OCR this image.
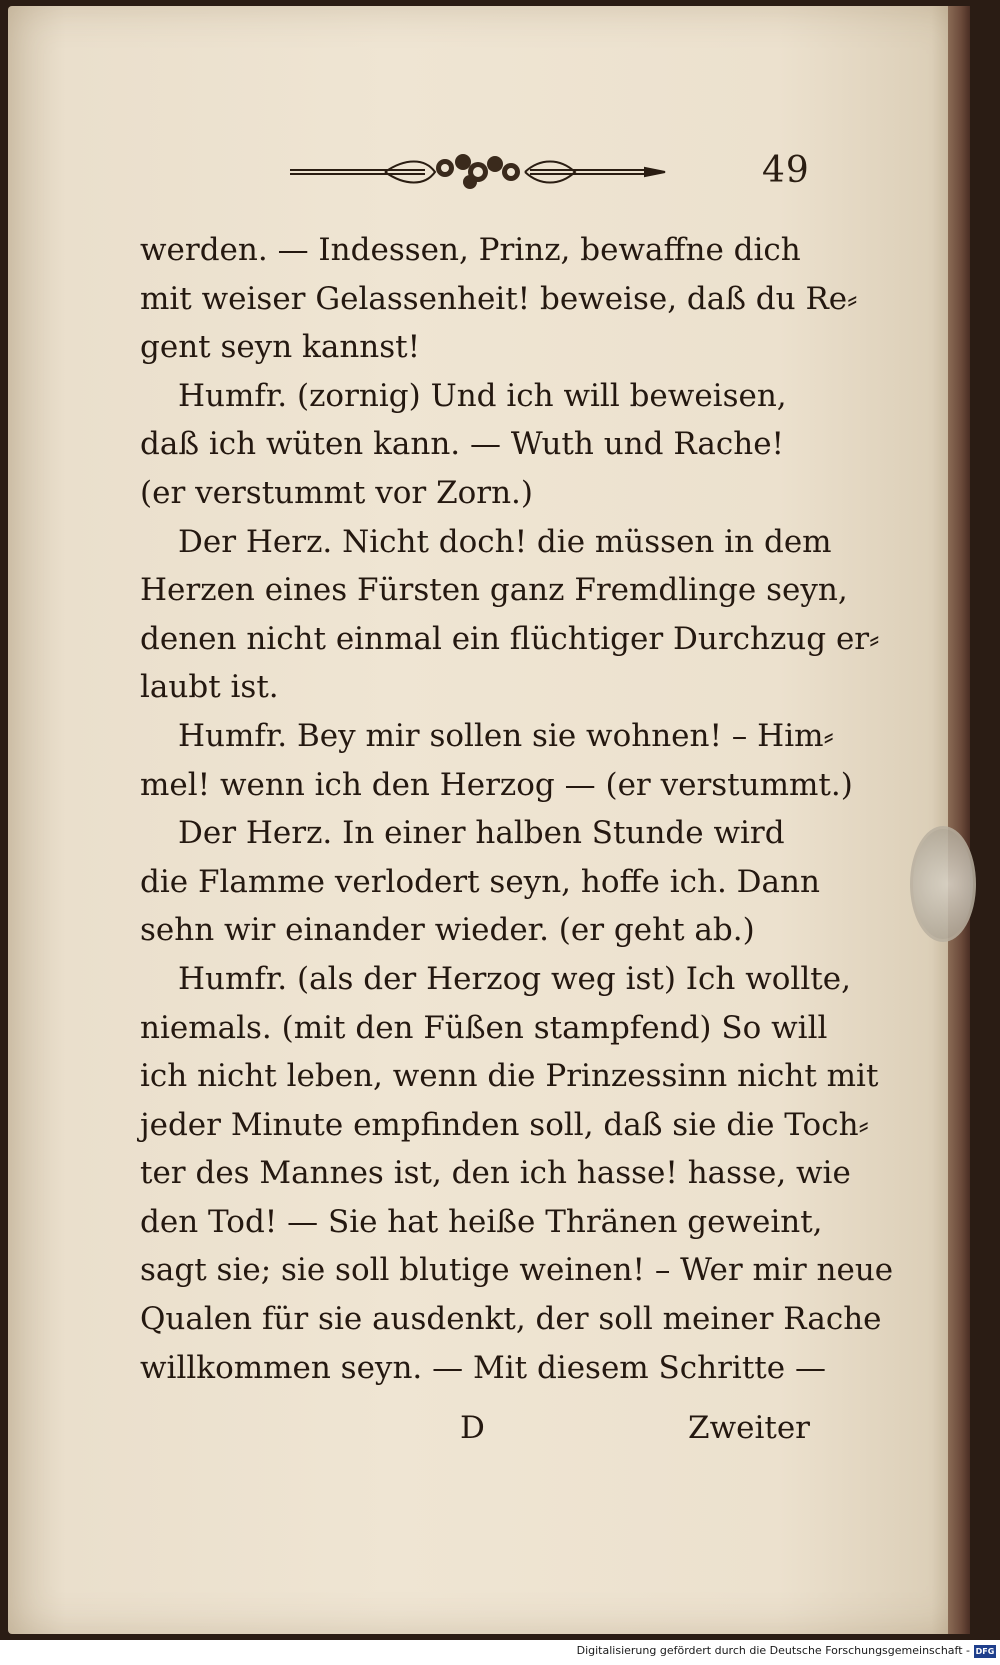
49
werden. — Indessen, Prinz, bewaffne dich
mit weiser Gelassenheit! beweise, daß du Re⸗
gent seyn kannst!
Humfr. (zornig) Und ich will beweisen,
daß ich wüten kann. — Wuth und Rache!
(er verstummt vor Zorn.)
Der Herz. Nicht doch! die müssen in dem
Herzen eines Fürsten ganz Fremdlinge seyn,
denen nicht einmal ein flüchtiger Durchzug er⸗
laubt ist.
Humfr. Bey mir sollen sie wohnen! – Him⸗
mel! wenn ich den Herzog — (er verstummt.)
Der Herz. In einer halben Stunde wird
die Flamme verlodert seyn, hoffe ich. Dann
sehn wir einander wieder. (er geht ab.)
Humfr. (als der Herzog weg ist) Ich wollte,
niemals. (mit den Füßen stampfend) So will
ich nicht leben, wenn die Prinzessinn nicht mit
jeder Minute empfinden soll, daß sie die Toch⸗
ter des Mannes ist, den ich hasse! hasse, wie
den Tod! — Sie hat heiße Thränen geweint,
sagt sie; sie soll blutige weinen! – Wer mir neue
Qualen für sie ausdenkt, der soll meiner Rache
willkommen seyn. — Mit diesem Schritte —
D	Zweiter
Digitalisierung gefördert durch die Deutsche Forschungsgemeinschaft - DFG
